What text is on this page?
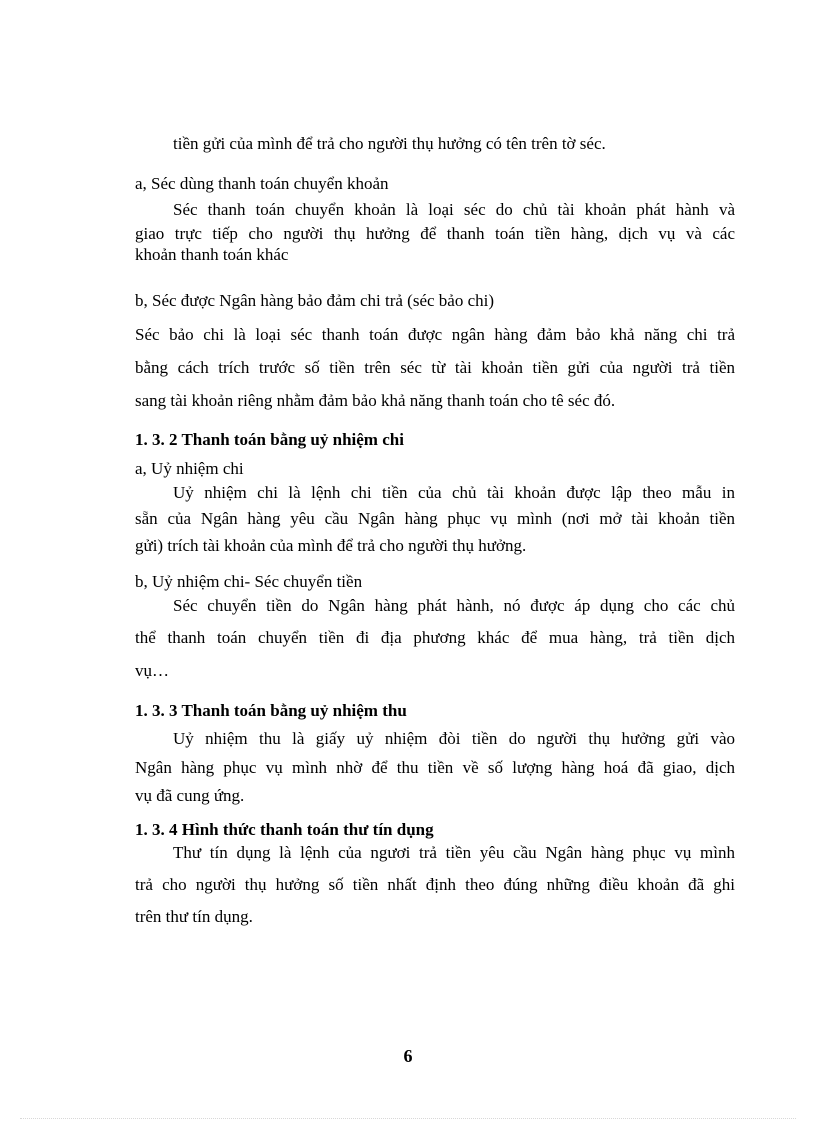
tiền gửi của mình để trả cho người thụ hưởng có tên trên tờ séc.
a, Séc dùng thanh toán chuyển khoản
Séc thanh toán chuyển khoản là loại séc do chủ tài khoản phát hành và
giao trực tiếp cho người thụ hưởng để thanh toán tiền hàng, dịch vụ và các
khoản thanh toán khác
b, Séc được Ngân hàng bảo đảm chi trả (séc bảo chi)
Séc bảo chi là loại séc thanh toán được ngân hàng đảm bảo khả năng chi trả
bằng cách trích trước số tiền trên séc từ tài khoản tiền gửi của người trả tiền
sang tài khoản riêng nhằm đảm bảo khả năng thanh toán cho tê séc đó.
1. 3. 2 Thanh toán bằng uỷ nhiệm chi
a, Uỷ nhiệm chi
Uỷ nhiệm chi là lệnh chi tiền của chủ tài khoản được lập theo mẫu in
sẵn của Ngân hàng yêu cầu Ngân hàng phục vụ mình (nơi mở tài khoản tiền
gửi) trích tài khoản của mình để trả cho người thụ hưởng.
b, Uỷ nhiệm chi- Séc chuyển tiền
Séc chuyển tiền do Ngân hàng phát hành, nó được áp dụng cho các chủ
thể thanh toán chuyển tiền đi địa phương khác để mua hàng, trả tiền dịch
vụ…
1. 3. 3 Thanh toán bằng uỷ nhiệm thu
Uỷ nhiệm thu là giấy uỷ nhiệm đòi tiền do người thụ hưởng gửi vào
Ngân hàng phục vụ mình nhờ để thu tiền về số lượng hàng hoá đã giao, dịch
vụ đã cung ứng.
1. 3. 4 Hình thức thanh toán thư tín dụng
Thư tín dụng là lệnh của ngươi trả tiền yêu cầu Ngân hàng phục vụ mình
trả cho người thụ hưởng số tiền nhất định theo đúng những điều khoản đã ghi
trên thư tín dụng.
6
